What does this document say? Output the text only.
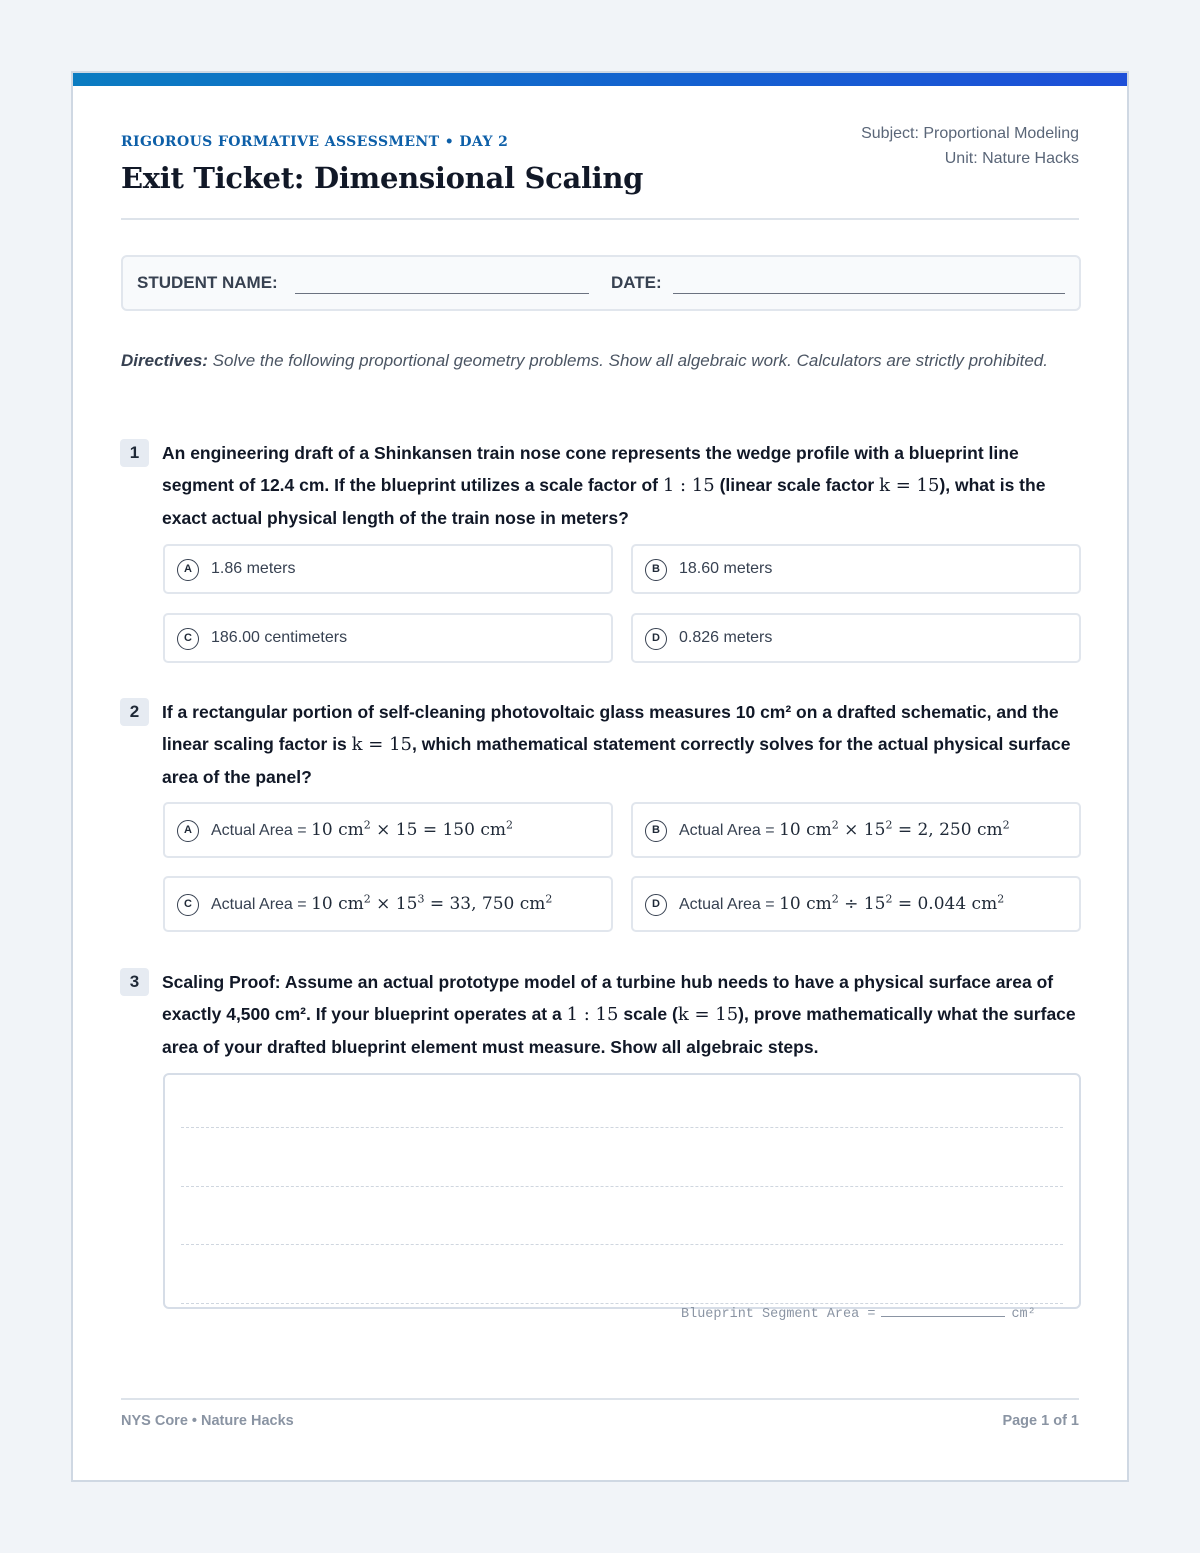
RIGOROUS FORMATIVE ASSESSMENT • DAY 2
Exit Ticket: Dimensional Scaling
Subject: Proportional Modeling
Unit: Nature Hacks
STUDENT NAME:	DATE:
Directives: Solve the following proportional geometry problems. Show all algebraic work. Calculators are strictly prohibited.
1	An engineering draft of a Shinkansen train nose cone represents the wedge profile with a blueprint line segment of 12.4 cm. If the blueprint utilizes a scale factor of 1 : 15 (linear scale factor k = 15), what is the exact actual physical length of the train nose in meters?
A	1.86 meters	B	18.60 meters
C	186.00 centimeters	D	0.826 meters
2	If a rectangular portion of self-cleaning photovoltaic glass measures 10 cm² on a drafted schematic, and the linear scaling factor is k = 15, which mathematical statement correctly solves for the actual physical surface area of the panel?
A	Actual Area = 10 $cm^2 \times 15 = 150$ $cm^2$	B	Actual Area = 10 $cm^2 \times 15^2 = 2$, 250 $cm^2$
C	Actual Area = 10 $cm^2 \times 15^3 = 33$, 750 $cm^2$	D	Actual Area = 10 $cm^2 \div 15^2 = 0.044$ $cm^2$
3	Scaling Proof: Assume an actual prototype model of a turbine hub needs to have a physical surface area of exactly 4,500 cm². If your blueprint operates at a 1 : 15 scale (k = 15), prove mathematically what the surface area of your drafted blueprint element must measure. Show all algebraic steps.
Blueprint Segment Area =	cm²
NYS Core • Nature Hacks	Page 1 of 1
